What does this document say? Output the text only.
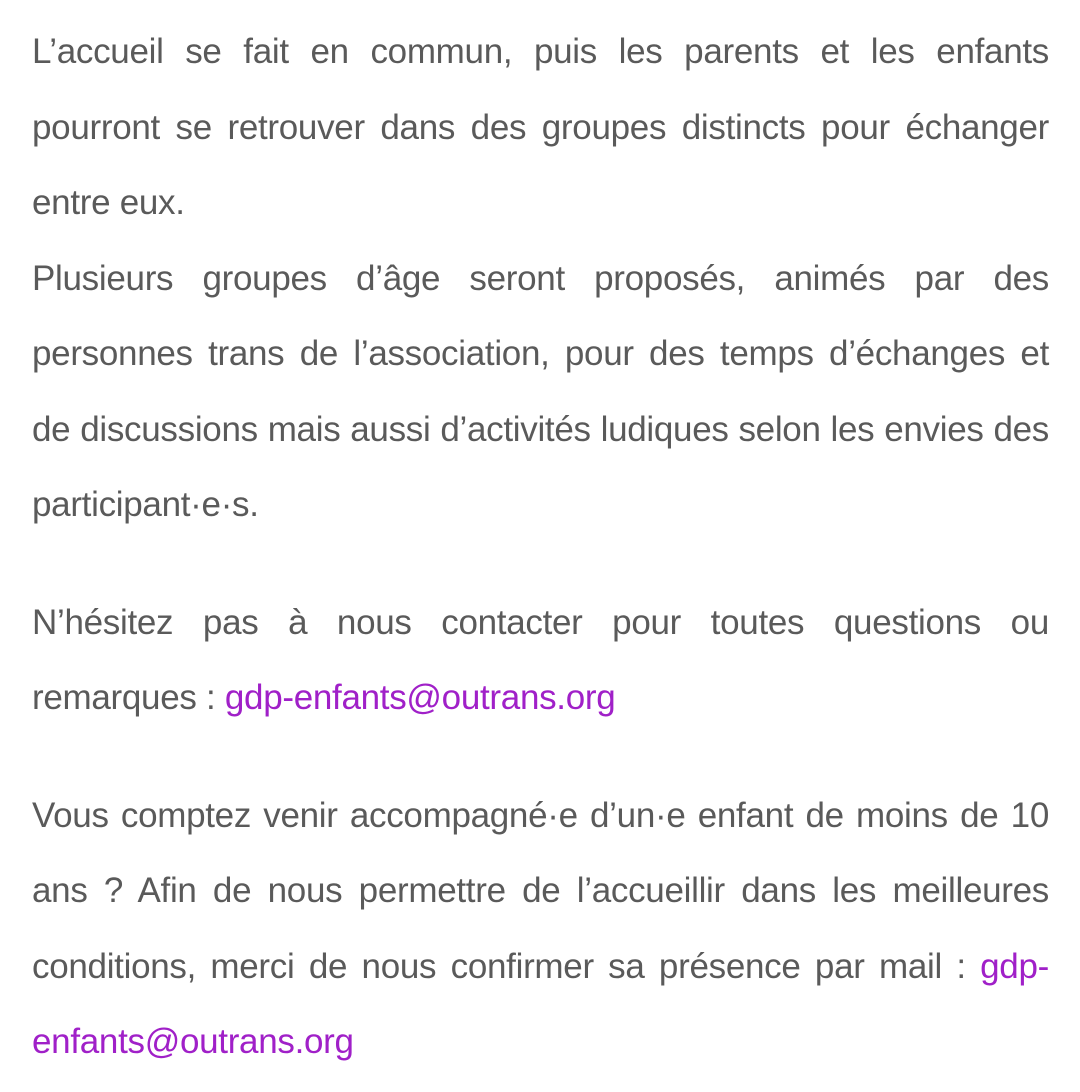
L’accueil se fait en commun, puis les parents et les enfants pourront se retrouver dans des groupes distincts pour échanger entre eux.

Plusieurs groupes d’âge seront proposés, animés par des personnes trans de l’association, pour des temps d’échanges et de discussions mais aussi d’activités ludiques selon les envies des participant·e·s.

N’hésitez pas à nous contacter pour toutes questions ou remarques : gdp-enfants@outrans.org

Vous comptez venir accompagné·e d’un·e enfant de moins de 10 ans ? Afin de nous permettre de l’accueillir dans les meilleures conditions, merci de nous confirmer sa présence par mail : gdp-enfants@outrans.org
